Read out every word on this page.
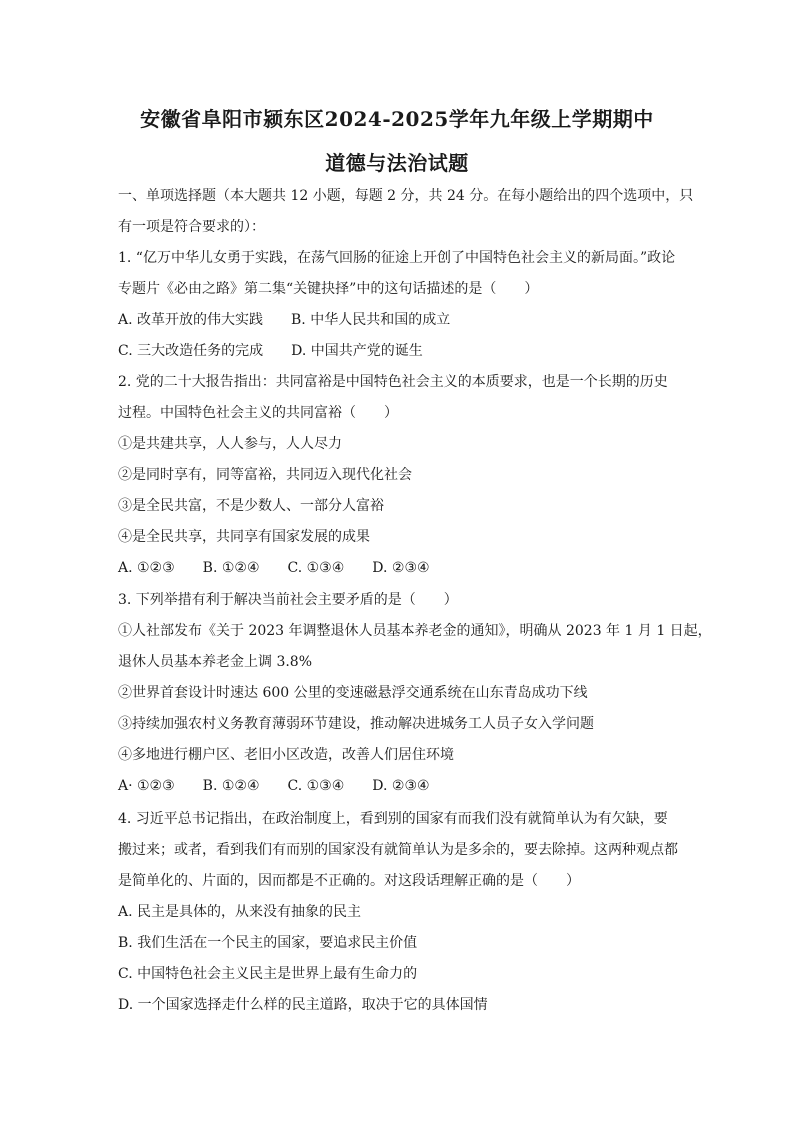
安徽省阜阳市颍东区2024-2025学年九年级上学期期中
道德与法治试题
一、单项选择题（本大题共 12 小题，每题 2 分，共 24 分。在每小题给出的四个选项中，只
有一项是符合要求的）：
1. “亿万中华儿女勇于实践，在荡气回肠的征途上开创了中国特色社会主义的新局面。”政论
专题片《必由之路》第二集“关键抉择”中的这句话描述的是（　　）
A. 改革开放的伟大实践　　B. 中华人民共和国的成立
C. 三大改造任务的完成　　D. 中国共产党的诞生
2. 党的二十大报告指出：共同富裕是中国特色社会主义的本质要求，也是一个长期的历史
过程。中国特色社会主义的共同富裕（　　）
①是共建共享，人人参与，人人尽力
②是同时享有，同等富裕，共同迈入现代化社会
③是全民共富，不是少数人、一部分人富裕
④是全民共享，共同享有国家发展的成果
A. ①②③　　B. ①②④　　C. ①③④　　D. ②③④
3. 下列举措有利于解决当前社会主要矛盾的是（　　）
①人社部发布《关于 2023 年调整退休人员基本养老金的通知》，明确从 2023 年 1 月 1 日起，
退休人员基本养老金上调 3.8%
②世界首套设计时速达 600 公里的变速磁悬浮交通系统在山东青岛成功下线
③持续加强农村义务教育薄弱环节建设，推动解决进城务工人员子女入学问题
④多地进行棚户区、老旧小区改造，改善人们居住环境
A· ①②③　　B. ①②④　　C. ①③④　　D. ②③④
4. 习近平总书记指出，在政治制度上，看到别的国家有而我们没有就简单认为有欠缺，要
搬过来；或者，看到我们有而别的国家没有就简单认为是多余的，要去除掉。这两种观点都
是简单化的、片面的，因而都是不正确的。对这段话理解正确的是（　　）
A. 民主是具体的，从来没有抽象的民主
B. 我们生活在一个民主的国家，要追求民主价值
C. 中国特色社会主义民主是世界上最有生命力的
D. 一个国家选择走什么样的民主道路，取决于它的具体国情
